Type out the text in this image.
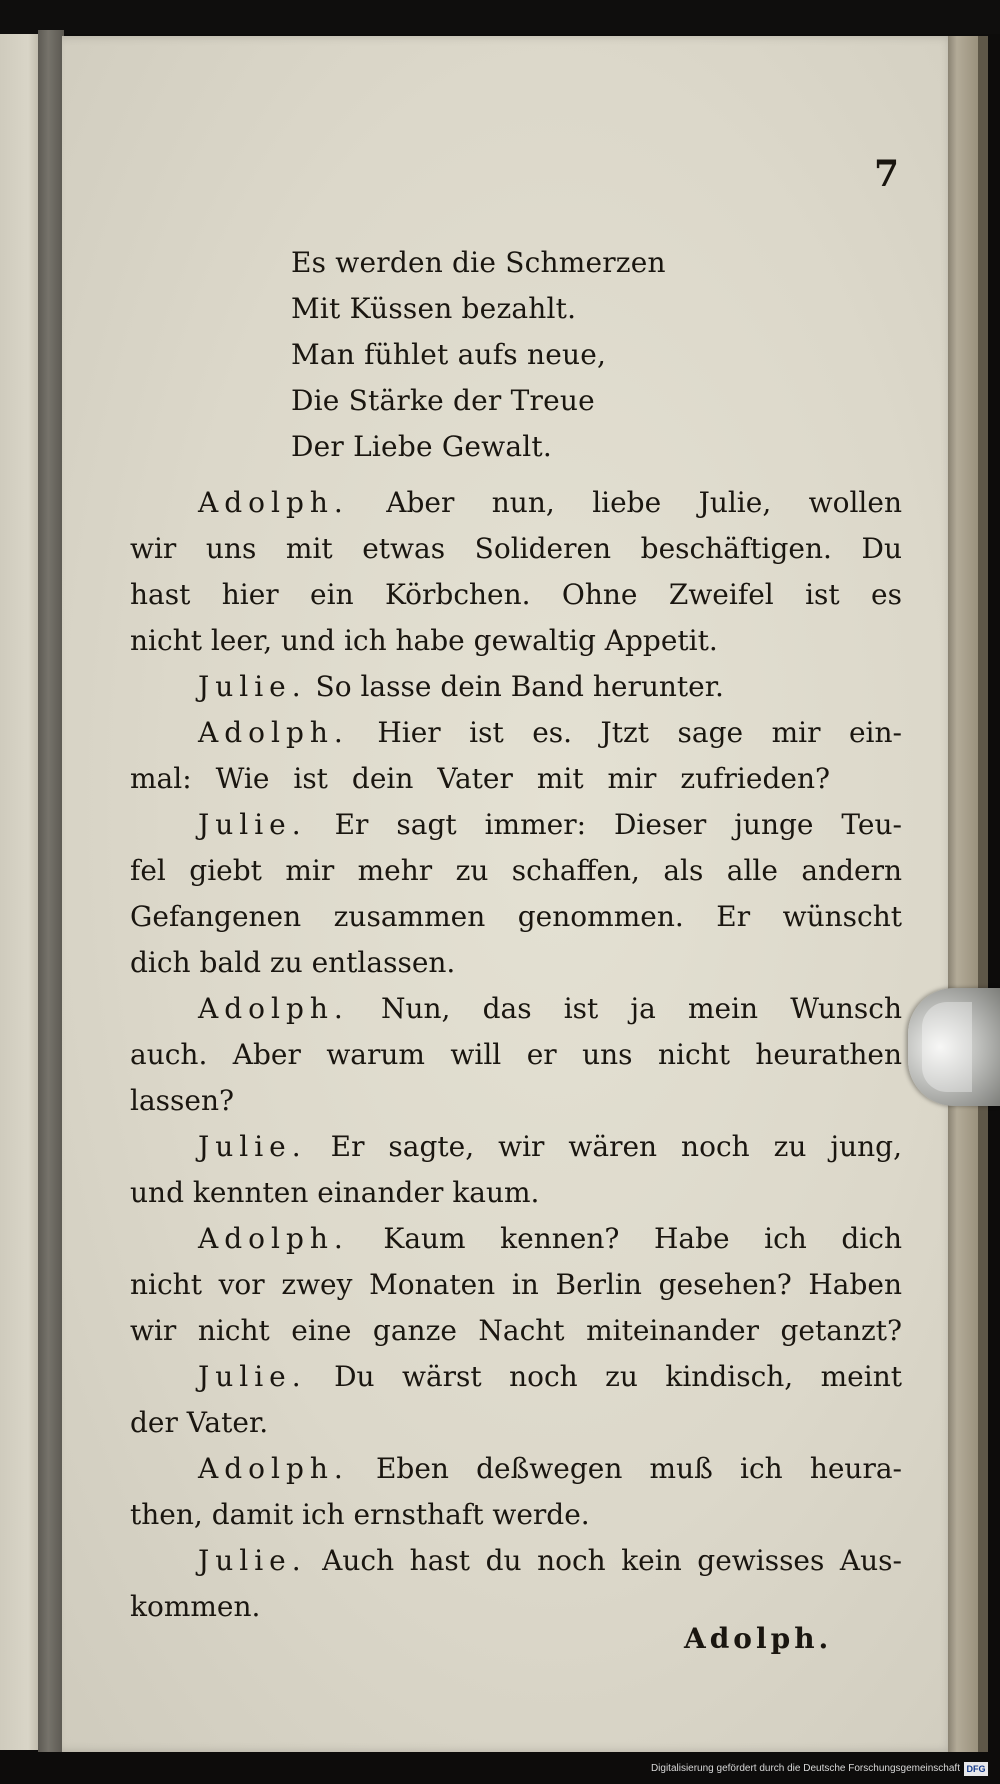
7
Es werden die Schmerzen
Mit Küssen bezahlt.
Man fühlet aufs neue,
Die Stärke der Treue
Der Liebe Gewalt.
Adolph. Aber nun, liebe Julie, wollen
wir uns mit etwas Solideren beschäftigen. Du
hast hier ein Körbchen. Ohne Zweifel ist es
nicht leer, und ich habe gewaltig Appetit.
Julie. So lasse dein Band herunter.
Adolph. Hier ist es. Jtzt sage mir ein-
mal: Wie ist dein Vater mit mir zufrieden?
Julie. Er sagt immer: Dieser junge Teu-
fel giebt mir mehr zu schaffen, als alle andern
Gefangenen zusammen genommen. Er wünscht
dich bald zu entlassen.
Adolph. Nun, das ist ja mein Wunsch
auch. Aber warum will er uns nicht heurathen
lassen?
Julie. Er sagte, wir wären noch zu jung,
und kennten einander kaum.
Adolph. Kaum kennen? Habe ich dich
nicht vor zwey Monaten in Berlin gesehen? Haben
wir nicht eine ganze Nacht miteinander getanzt?
Julie. Du wärst noch zu kindisch, meint
der Vater.
Adolph. Eben deßwegen muß ich heura-
then, damit ich ernsthaft werde.
Julie. Auch hast du noch kein gewisses Aus-
kommen.
Adolph.
Digitalisierung gefördert durch die Deutsche Forschungsgemeinschaft DFG
